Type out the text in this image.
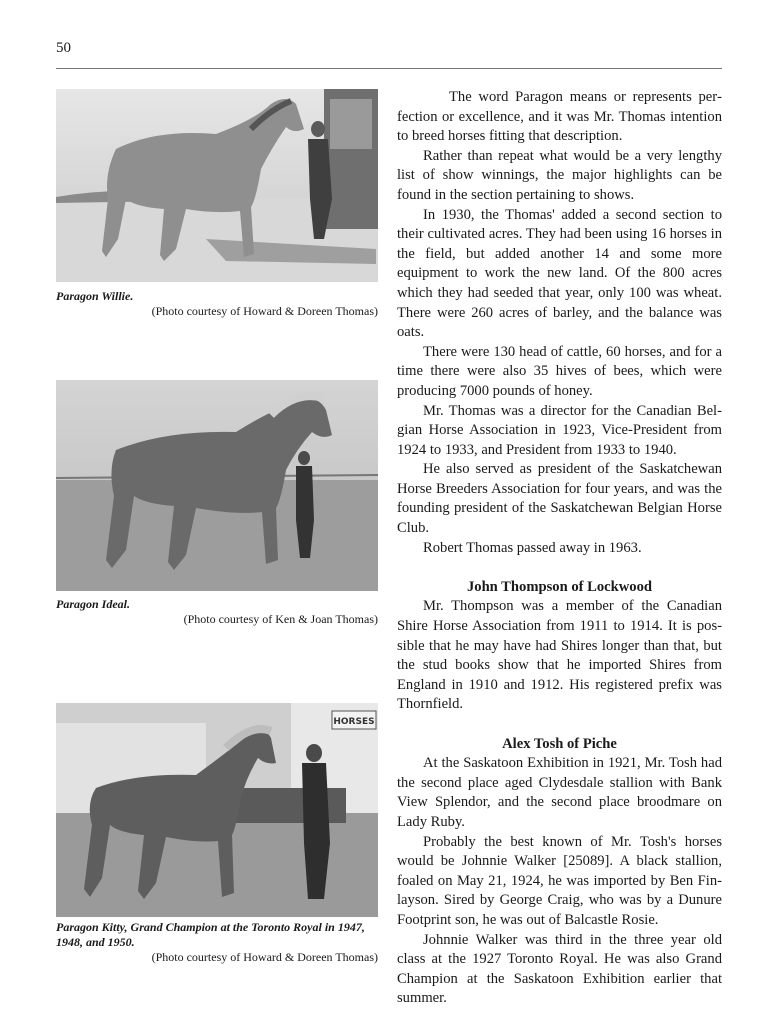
50
Paragon Willie.
(Photo courtesy of Howard & Doreen Thomas)
Paragon Ideal.
(Photo courtesy of Ken & Joan Thomas)
HORSES
Paragon Kitty, Grand Champion at the Toronto Royal in 1947, 1948, and 1950.
(Photo courtesy of Howard & Doreen Thomas)

The word Paragon means or represents perfection or excellence, and it was Mr. Thomas intention to breed horses fitting that description.

Rather than repeat what would be a very lengthy list of show winnings, the major highlights can be found in the section pertaining to shows.

In 1930, the Thomas' added a second section to their cultivated acres. They had been using 16 horses in the field, but added another 14 and some more equipment to work the new land. Of the 800 acres which they had seeded that year, only 100 was wheat. There were 260 acres of barley, and the balance was oats.

There were 130 head of cattle, 60 horses, and for a time there were also 35 hives of bees, which were producing 7000 pounds of honey.

Mr. Thomas was a director for the Canadian Belgian Horse Association in 1923, Vice-President from 1924 to 1933, and President from 1933 to 1940.

He also served as president of the Saskatchewan Horse Breeders Association for four years, and was the founding president of the Saskatchewan Belgian Horse Club.

Robert Thomas passed away in 1963.

John Thompson of Lockwood

Mr. Thompson was a member of the Canadian Shire Horse Association from 1911 to 1914. It is possible that he may have had Shires longer than that, but the stud books show that he imported Shires from England in 1910 and 1912. His registered prefix was Thornfield.

Alex Tosh of Piche

At the Saskatoon Exhibition in 1921, Mr. Tosh had the second place aged Clydesdale stallion with Bank View Splendor, and the second place broodmare on Lady Ruby.

Probably the best known of Mr. Tosh's horses would be Johnnie Walker [25089]. A black stallion, foaled on May 21, 1924, he was imported by Ben Finlayson. Sired by George Craig, who was by a Dunure Footprint son, he was out of Balcastle Rosie.

Johnnie Walker was third in the three year old class at the 1927 Toronto Royal. He was also Grand Champion at the Saskatoon Exhibition earlier that summer.
